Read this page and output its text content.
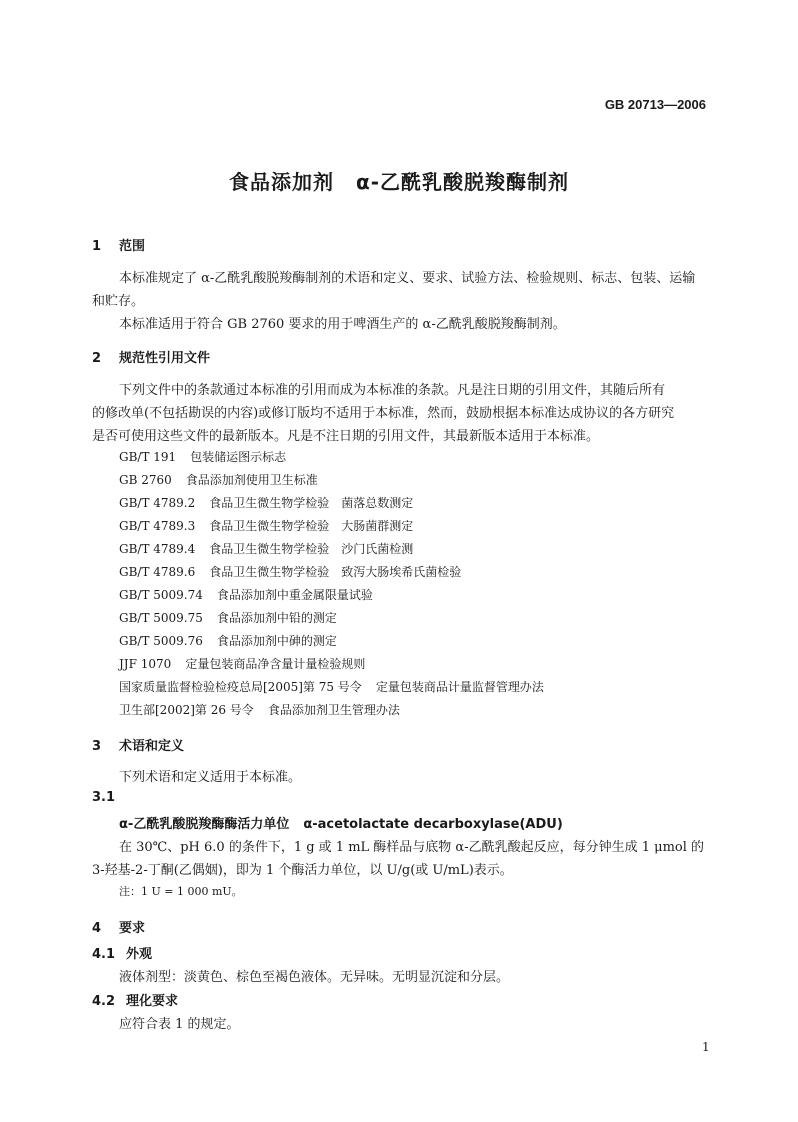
GB 20713—2006
食品添加剂 α-乙酰乳酸脱羧酶制剂
1 范围
本标准规定了 α-乙酰乳酸脱羧酶制剂的术语和定义、要求、试验方法、检验规则、标志、包装、运输
和贮存。
本标准适用于符合 GB 2760 要求的用于啤酒生产的 α-乙酰乳酸脱羧酶制剂。
2 规范性引用文件
下列文件中的条款通过本标准的引用而成为本标准的条款。凡是注日期的引用文件，其随后所有
的修改单(不包括勘误的内容)或修订版均不适用于本标准，然而，鼓励根据本标准达成协议的各方研究
是否可使用这些文件的最新版本。凡是不注日期的引用文件，其最新版本适用于本标准。
GB/T 191 包装储运图示标志
GB 2760 食品添加剂使用卫生标准
GB/T 4789.2 食品卫生微生物学检验　菌落总数测定
GB/T 4789.3 食品卫生微生物学检验　大肠菌群测定
GB/T 4789.4 食品卫生微生物学检验　沙门氏菌检测
GB/T 4789.6 食品卫生微生物学检验　致泻大肠埃希氏菌检验
GB/T 5009.74 食品添加剂中重金属限量试验
GB/T 5009.75 食品添加剂中铅的测定
GB/T 5009.76 食品添加剂中砷的测定
JJF 1070 定量包装商品净含量计量检验规则
国家质量监督检验检疫总局[2005]第 75 号令 定量包装商品计量监督管理办法
卫生部[2002]第 26 号令 食品添加剂卫生管理办法
3 术语和定义
下列术语和定义适用于本标准。
3.1
α-乙酰乳酸脱羧酶酶活力单位 α-acetolactate decarboxylase(ADU)
在 30℃、pH 6.0 的条件下，1 g 或 1 mL 酶样品与底物 α-乙酰乳酸起反应，每分钟生成 1 μmol 的
3-羟基-2-丁酮(乙偶姻)，即为 1 个酶活力单位，以 U/g(或 U/mL)表示。
注：1 U = 1 000 mU。
4 要求
4.1 外观
液体剂型：淡黄色、棕色至褐色液体。无异味。无明显沉淀和分层。
4.2 理化要求
应符合表 1 的规定。
1
